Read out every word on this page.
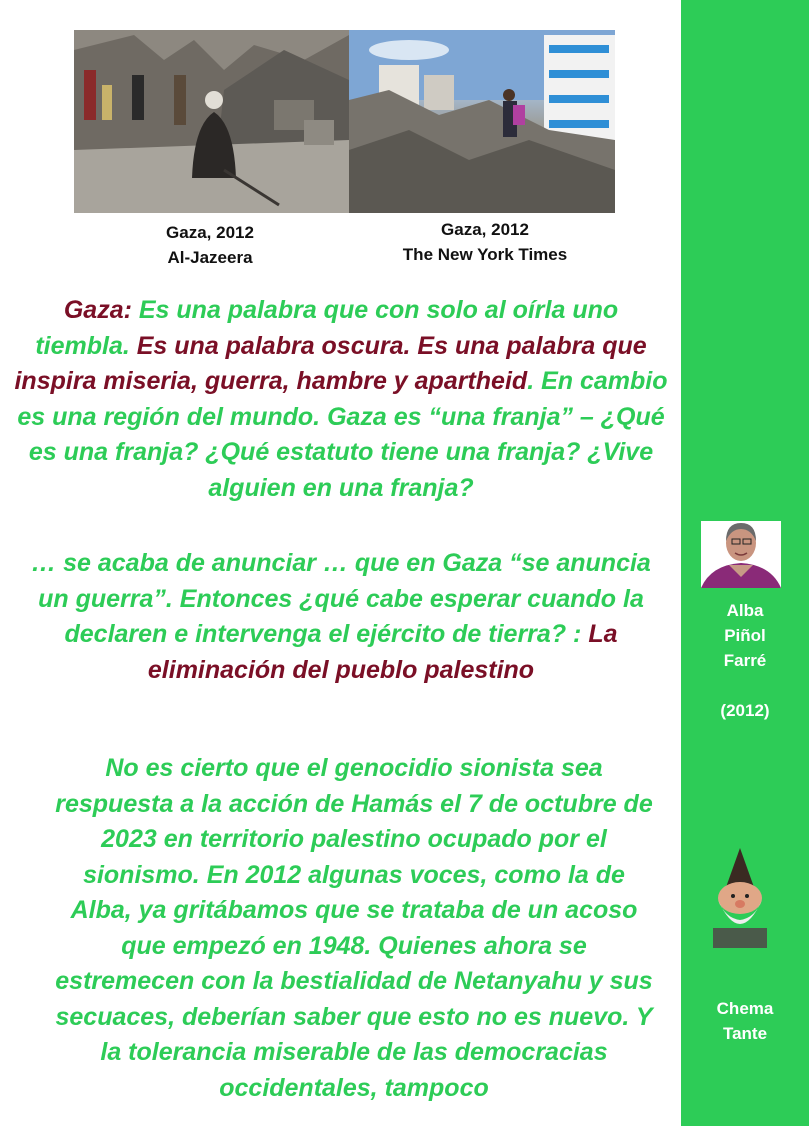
Gaza, 2012
Al-Jazeera
Gaza, 2012
The New York Times

Gaza: Es una palabra que con solo al oírla uno tiembla. Es una palabra oscura. Es una palabra que inspira miseria, guerra, hambre y apartheid. En cambio es una región del mundo. Gaza es “una franja” – ¿Qué es una franja? ¿Qué estatuto tiene una franja? ¿Vive alguien en una franja?

… se acaba de anunciar … que en Gaza “se anuncia un guerra”. Entonces ¿qué cabe esperar cuando la declaren e intervenga el ejército de tierra? : La eliminación del pueblo palestino

No es cierto que el genocidio sionista sea respuesta a la acción de Hamás el 7 de octubre de 2023 en territorio palestino ocupado por el sionismo. En 2012 algunas voces, como la de Alba, ya gritábamos que se trataba de un acoso que empezó en 1948. Quienes ahora se estremecen con la bestialidad de Netanyahu y sus secuaces, deberían saber que esto no es nuevo. Y la tolerancia miserable de las democracias occidentales, tampoco

Alba
Piñol
Farré
(2012)
Chema
Tante
